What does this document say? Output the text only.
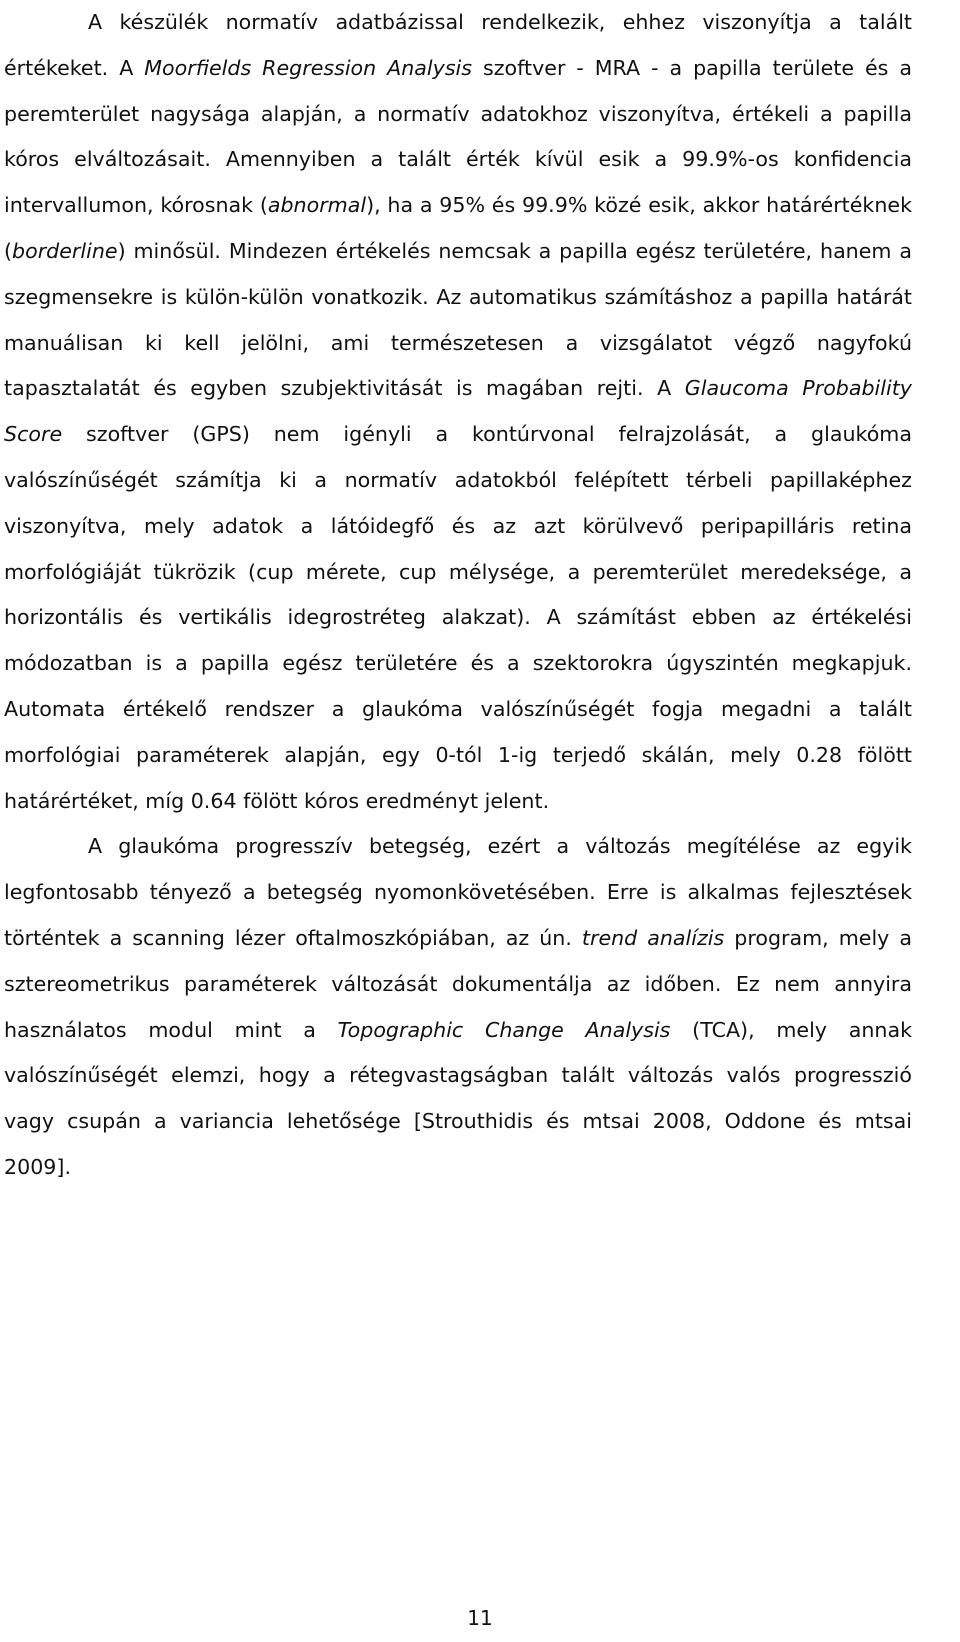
A készülék normatív adatbázissal rendelkezik, ehhez viszonyítja a talált értékeket. A Moorfields Regression Analysis szoftver - MRA - a papilla területe és a peremterület nagysága alapján, a normatív adatokhoz viszonyítva, értékeli a papilla kóros elváltozásait. Amennyiben a talált érték kívül esik a 99.9%-os konfidencia intervallumon, kórosnak (abnormal), ha a 95% és 99.9% közé esik, akkor határértéknek (borderline) minősül. Mindezen értékelés nemcsak a papilla egész területére, hanem a szegmensekre is külön-külön vonatkozik. Az automatikus számításhoz a papilla határát manuálisan ki kell jelölni, ami természetesen a vizsgálatot végző nagyfokú tapasztalatát és egyben szubjektivitását is magában rejti. A Glaucoma Probability Score szoftver (GPS) nem igényli a kontúrvonal felrajzolását, a glaukóma valószínűségét számítja ki a normatív adatokból felépített térbeli papillaképhez viszonyítva, mely adatok a látóidegfő és az azt körülvevő peripapilláris retina morfológiáját tükrözik (cup mérete, cup mélysége, a peremterület meredeksége, a horizontális és vertikális idegrostréteg alakzat). A számítást ebben az értékelési módozatban is a papilla egész területére és a szektorokra úgyszintén megkapjuk. Automata értékelő rendszer a glaukóma valószínűségét fogja megadni a talált morfológiai paraméterek alapján, egy 0-tól 1-ig terjedő skálán, mely 0.28 fölött határértéket, míg 0.64 fölött kóros eredményt jelent.

A glaukóma progresszív betegség, ezért a változás megítélése az egyik legfontosabb tényező a betegség nyomonkövetésében. Erre is alkalmas fejlesztések történtek a scanning lézer oftalmoszkópiában, az ún. trend analízis program, mely a sztereometrikus paraméterek változását dokumentálja az időben. Ez nem annyira használatos modul mint a Topographic Change Analysis (TCA), mely annak valószínűségét elemzi, hogy a rétegvastagságban talált változás valós progresszió vagy csupán a variancia lehetősége [Strouthidis és mtsai 2008, Oddone és mtsai 2009].

11
